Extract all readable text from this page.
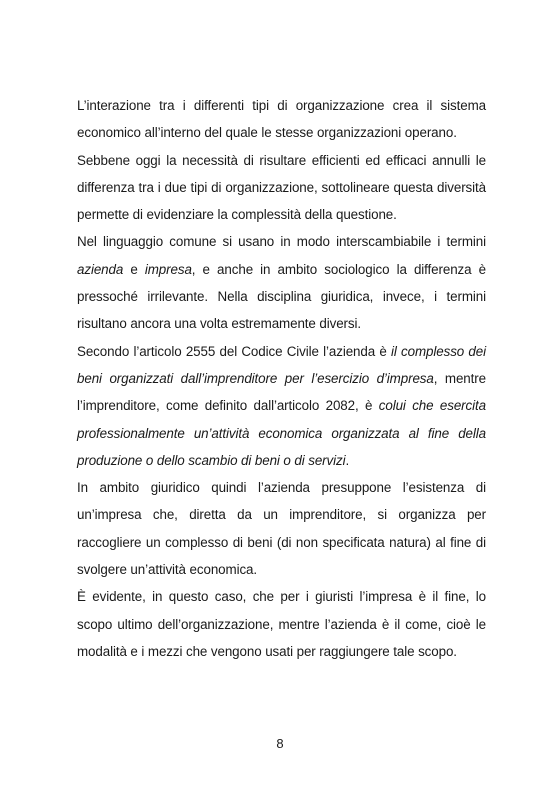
L’interazione tra i differenti tipi di organizzazione crea il sistema economico all’interno del quale le stesse organizzazioni operano.

Sebbene oggi la necessità di risultare efficienti ed efficaci annulli le differenza tra i due tipi di organizzazione, sottolineare questa diversità permette di evidenziare la complessità della questione.

Nel linguaggio comune si usano in modo interscambiabile i termini azienda e impresa, e anche in ambito sociologico la differenza è pressoché irrilevante. Nella disciplina giuridica, invece, i termini risultano ancora una volta estremamente diversi.

Secondo l’articolo 2555 del Codice Civile l’azienda è il complesso dei beni organizzati dall’imprenditore per l’esercizio d’impresa, mentre l’imprenditore, come definito dall’articolo 2082, è colui che esercita professionalmente un’attività economica organizzata al fine della produzione o dello scambio di beni o di servizi.

In ambito giuridico quindi l’azienda presuppone l’esistenza di un’impresa che, diretta da un imprenditore, si organizza per raccogliere un complesso di beni (di non specificata natura) al fine di svolgere un’attività economica.

È evidente, in questo caso, che per i giuristi l’impresa è il fine, lo scopo ultimo dell’organizzazione, mentre l’azienda è il come, cioè le modalità e i mezzi che vengono usati per raggiungere tale scopo.

8
